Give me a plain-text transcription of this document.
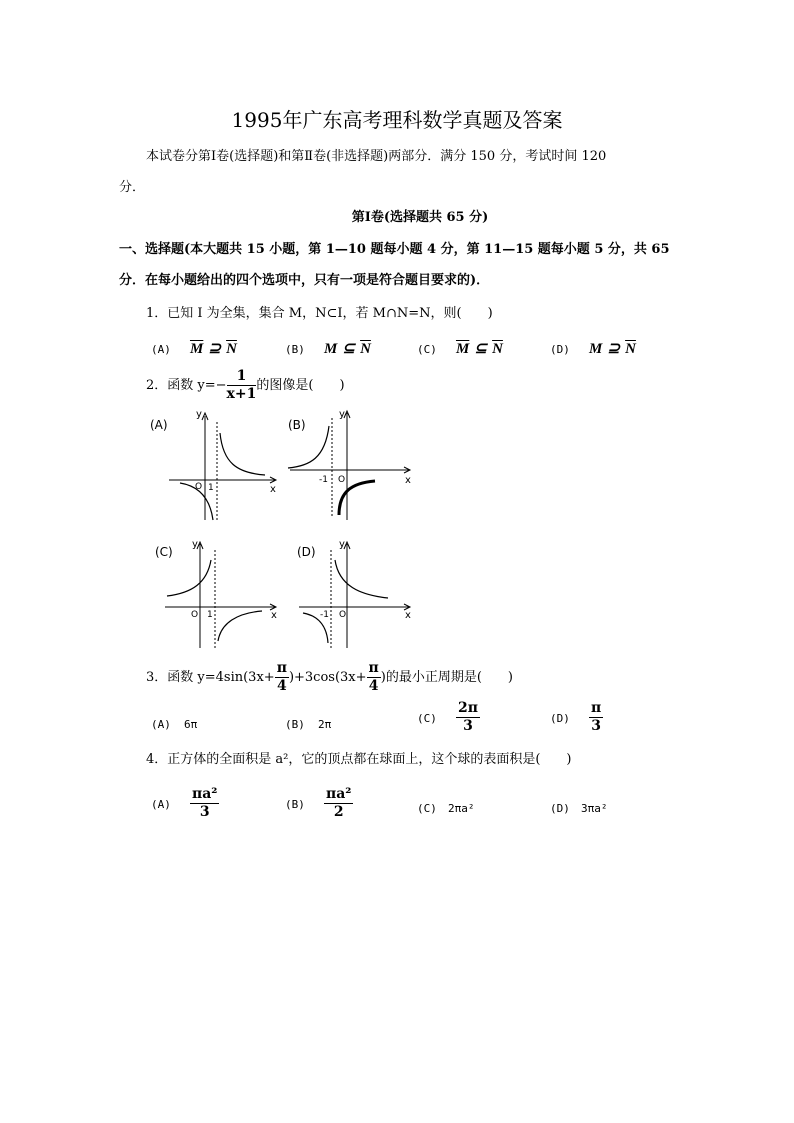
1995年广东高考理科数学真题及答案
本试卷分第Ⅰ卷(选择题)和第Ⅱ卷(非选择题)两部分．满分 150 分，考试时间 120
分．
第Ⅰ卷(选择题共 65 分)
一、选择题(本大题共 15 小题，第 1—10 题每小题 4 分，第 11—15 题每小题 5 分，共 65
分．在每小题给出的四个选项中，只有一项是符合题目要求的)．
1．已知 I 为全集，集合 M，N⊂I，若 M∩N=N，则(　　)
(A) $\overline{M}$ ⊇ $\overline{N}$	(B) M ⊆ $\overline{N}$	(C) $\overline{M}$ ⊆ $\overline{N}$	(D) M ⊇ $\overline{N}$
2．函数 $y=- \frac{1}{x+1}$ 的图像是(　　)
(A)
y
x
O 1
(B)
y
x
O
-1
(C)
y
x
O 1
(D)
y
x
O
-1
3．函数 $y=4\sin(3x+ \frac{\pi}{4} )+3\cos(3x+ \frac{\pi}{4}$ )的最小正周期是(　　)
(A) 6π	(B) 2π	$(C) \frac{2\pi}{3}$	$(D) \frac{\pi}{3}$
4．正方体的全面积是 a²，它的顶点都在球面上，这个球的表面积是(　　)
$(A) \frac{\text{πa²}}{3}$	$(B) \frac{\text{πa²}}{2}$	(C) 2πa²	(D) 3πa²
